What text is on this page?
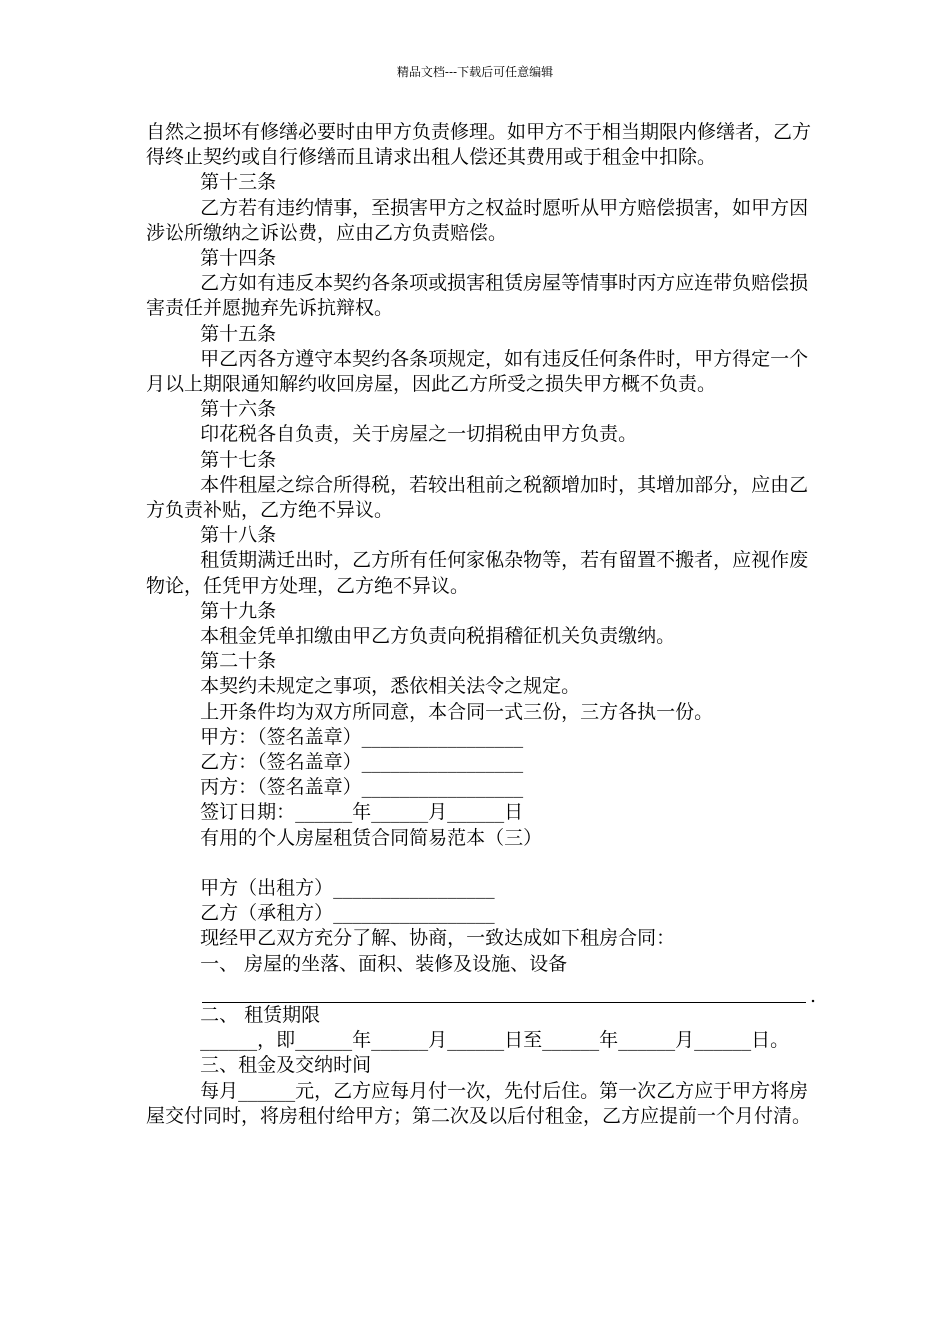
精品文档---下载后可任意编辑

自然之损坏有修缮必要时由甲方负责修理。如甲方不于相当期限内修缮者，乙方得终止契约或自行修缮而且请求出租人偿还其费用或于租金中扣除。

第十三条

乙方若有违约情事，至损害甲方之权益时愿听从甲方赔偿损害，如甲方因涉讼所缴纳之诉讼费，应由乙方负责赔偿。

第十四条

乙方如有违反本契约各条项或损害租赁房屋等情事时丙方应连带负赔偿损害责任并愿抛弃先诉抗辩权。

第十五条

甲乙丙各方遵守本契约各条项规定，如有违反任何条件时，甲方得定一个月以上期限通知解约收回房屋，因此乙方所受之损失甲方概不负责。

第十六条

印花税各自负责，关于房屋之一切捐税由甲方负责。

第十七条

本件租屋之综合所得税，若较出租前之税额增加时，其增加部分，应由乙方负责补贴，乙方绝不异议。

第十八条

租赁期满迁出时，乙方所有任何家俬杂物等，若有留置不搬者，应视作废物论，任凭甲方处理，乙方绝不异议。

第十九条

本租金凭单扣缴由甲乙方负责向税捐稽征机关负责缴纳。

第二十条

本契约未规定之事项，悉依相关法令之规定。

上开条件均为双方所同意，本合同一式三份，三方各执一份。

甲方：（签名盖章）_________________

乙方：（签名盖章）_________________

丙方：（签名盖章）_________________

签订日期：______年______月______日

有用的个人房屋租赁合同简易范本（三）

甲方（出租方）_________________

乙方（承租方）_________________

现经甲乙双方充分了解、协商，一致达成如下租房合同：

一、 房屋的坐落、面积、装修及设施、设备

.

二、 租赁期限

______，即______年______月______日至______年______月______日。

三、租金及交纳时间

每月______元，乙方应每月付一次，先付后住。第一次乙方应于甲方将房屋交付同时，将房租付给甲方；第二次及以后付租金，乙方应提前一个月付清。
